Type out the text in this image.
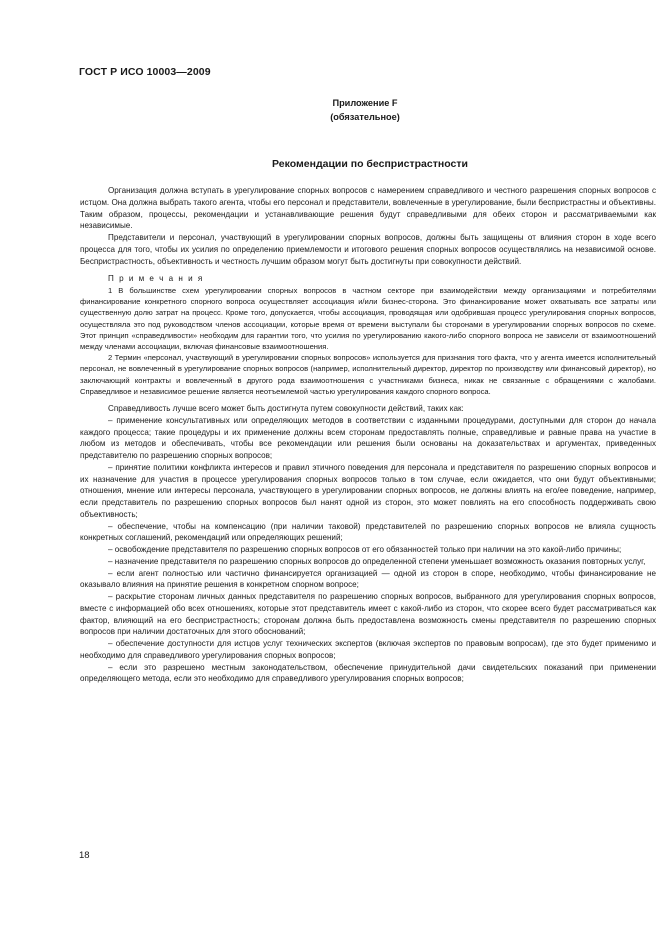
ГОСТ Р ИСО 10003—2009
Приложение F
(обязательное)
Рекомендации по беспристрастности

Организация должна вступать в урегулирование спорных вопросов с намерением справедливого и честного разрешения спорных вопросов с истцом. Она должна выбрать такого агента, чтобы его персонал и представители, вовлеченные в урегулирование, были беспристрастны и объективны. Таким образом, процессы, рекомендации и устанавливающие решения будут справедливыми для обеих сторон и рассматриваемыми как независимые.

Представители и персонал, участвующий в урегулировании спорных вопросов, должны быть защищены от влияния сторон в ходе всего процесса для того, чтобы их усилия по определению приемлемости и итогового решения спорных вопросов осуществлялись на независимой основе. Беспристрастность, объективность и честность лучшим образом могут быть достигнуты при совокупности действий.

П р и м е ч а н и я

1 В большинстве схем урегулировании спорных вопросов в частном секторе при взаимодействии между организациями и потребителями финансирование конкретного спорного вопроса осуществляет ассоциация и/или бизнес-сторона. Это финансирование может охватывать все затраты или существенную долю затрат на процесс. Кроме того, допускается, чтобы ассоциация, проводящая или одобрившая процесс урегулирования спорных вопросов, осуществляла это под руководством членов ассоциации, которые время от времени выступали бы сторонами в урегулировании спорных вопросов по схеме. Этот принцип «справедливости» необходим для гарантии того, что усилия по урегулированию какого-либо спорного вопроса не зависели от взаимоотношений между членами ассоциации, включая финансовые взаимоотношения.

2 Термин «персонал, участвующий в урегулировании спорных вопросов» используется для признания того факта, что у агента имеется исполнительный персонал, не вовлеченный в урегулирование спорных вопросов (например, исполнительный директор, директор по производству или финансовый директор), но заключающий контракты и вовлеченный в другого рода взаимоотношения с участниками бизнеса, никак не связанные с обращениями с жалобами. Справедливое и независимое решение является неотъемлемой частью урегулирования каждого спорного вопроса.

Справедливость лучше всего может быть достигнута путем совокупности действий, таких как:

– применение консультативных или определяющих методов в соответствии с изданными процедурами, доступными для сторон до начала каждого процесса; такие процедуры и их применение должны всем сторонам предоставлять полные, справедливые и равные права на участие в любом из методов и обеспечивать, чтобы все рекомендации или решения были основаны на доказательствах и аргументах, приведенных представителю по разрешению спорных вопросов;

– принятие политики конфликта интересов и правил этичного поведения для персонала и представителя по разрешению спорных вопросов и их назначение для участия в процессе урегулирования спорных вопросов только в том случае, если ожидается, что они будут объективными; отношения, мнение или интересы персонала, участвующего в урегулировании спорных вопросов, не должны влиять на его/ее поведение, например, если представитель по разрешению спорных вопросов был нанят одной из сторон, это может повлиять на его способность поддерживать свою объективность;

– обеспечение, чтобы на компенсацию (при наличии таковой) представителей по разрешению спорных вопросов не влияла сущность конкретных соглашений, рекомендаций или определяющих решений;

– освобождение представителя по разрешению спорных вопросов от его обязанностей только при наличии на это какой-либо причины;

– назначение представителя по разрешению спорных вопросов до определенной степени уменьшает возможность оказания повторных услуг,

– если агент полностью или частично финансируется организацией — одной из сторон в споре, необходимо, чтобы финансирование не оказывало влияния на принятие решения в конкретном спорном вопросе;

– раскрытие сторонам личных данных представителя по разрешению спорных вопросов, выбранного для урегулирования спорных вопросов, вместе с информацией обо всех отношениях, которые этот представитель имеет с какой-либо из сторон, что скорее всего будет рассматриваться как фактор, влияющий на его беспристрастность; сторонам должна быть предоставлена возможность смены представителя по разрешению спорных вопросов при наличии достаточных для этого обоснований;

– обеспечение доступности для истцов услуг технических экспертов (включая экспертов по правовым вопросам), где это будет применимо и необходимо для справедливого урегулирования спорных вопросов;

– если это разрешено местным законодательством, обеспечение принудительной дачи свидетельских показаний при применении определяющего метода, если это необходимо для справедливого урегулирования спорных вопросов;

18
